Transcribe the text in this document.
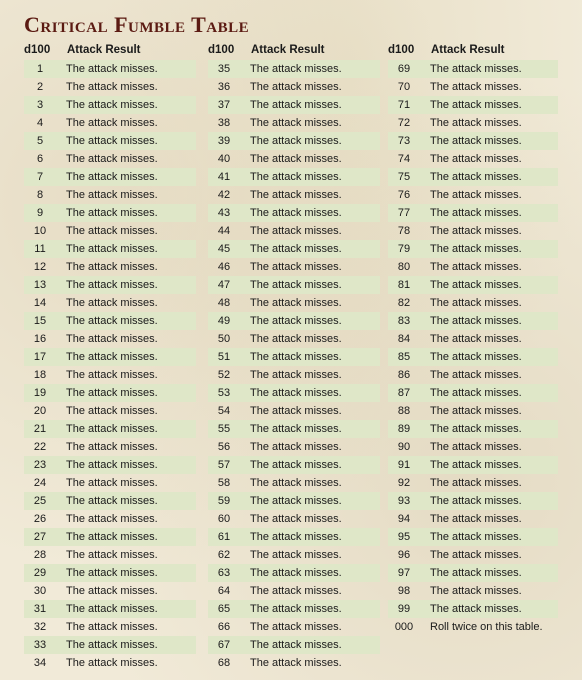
Critical Fumble Table
d100	Attack Result
1	The attack misses.
2	The attack misses.
3	The attack misses.
4	The attack misses.
5	The attack misses.
6	The attack misses.
7	The attack misses.
8	The attack misses.
9	The attack misses.
10	The attack misses.
11	The attack misses.
12	The attack misses.
13	The attack misses.
14	The attack misses.
15	The attack misses.
16	The attack misses.
17	The attack misses.
18	The attack misses.
19	The attack misses.
20	The attack misses.
21	The attack misses.
22	The attack misses.
23	The attack misses.
24	The attack misses.
25	The attack misses.
26	The attack misses.
27	The attack misses.
28	The attack misses.
29	The attack misses.
30	The attack misses.
31	The attack misses.
32	The attack misses.
33	The attack misses.
34	The attack misses.
d100	Attack Result
35	The attack misses.
36	The attack misses.
37	The attack misses.
38	The attack misses.
39	The attack misses.
40	The attack misses.
41	The attack misses.
42	The attack misses.
43	The attack misses.
44	The attack misses.
45	The attack misses.
46	The attack misses.
47	The attack misses.
48	The attack misses.
49	The attack misses.
50	The attack misses.
51	The attack misses.
52	The attack misses.
53	The attack misses.
54	The attack misses.
55	The attack misses.
56	The attack misses.
57	The attack misses.
58	The attack misses.
59	The attack misses.
60	The attack misses.
61	The attack misses.
62	The attack misses.
63	The attack misses.
64	The attack misses.
65	The attack misses.
66	The attack misses.
67	The attack misses.
68	The attack misses.
d100	Attack Result
69	The attack misses.
70	The attack misses.
71	The attack misses.
72	The attack misses.
73	The attack misses.
74	The attack misses.
75	The attack misses.
76	The attack misses.
77	The attack misses.
78	The attack misses.
79	The attack misses.
80	The attack misses.
81	The attack misses.
82	The attack misses.
83	The attack misses.
84	The attack misses.
85	The attack misses.
86	The attack misses.
87	The attack misses.
88	The attack misses.
89	The attack misses.
90	The attack misses.
91	The attack misses.
92	The attack misses.
93	The attack misses.
94	The attack misses.
95	The attack misses.
96	The attack misses.
97	The attack misses.
98	The attack misses.
99	The attack misses.
000	Roll twice on this table.
